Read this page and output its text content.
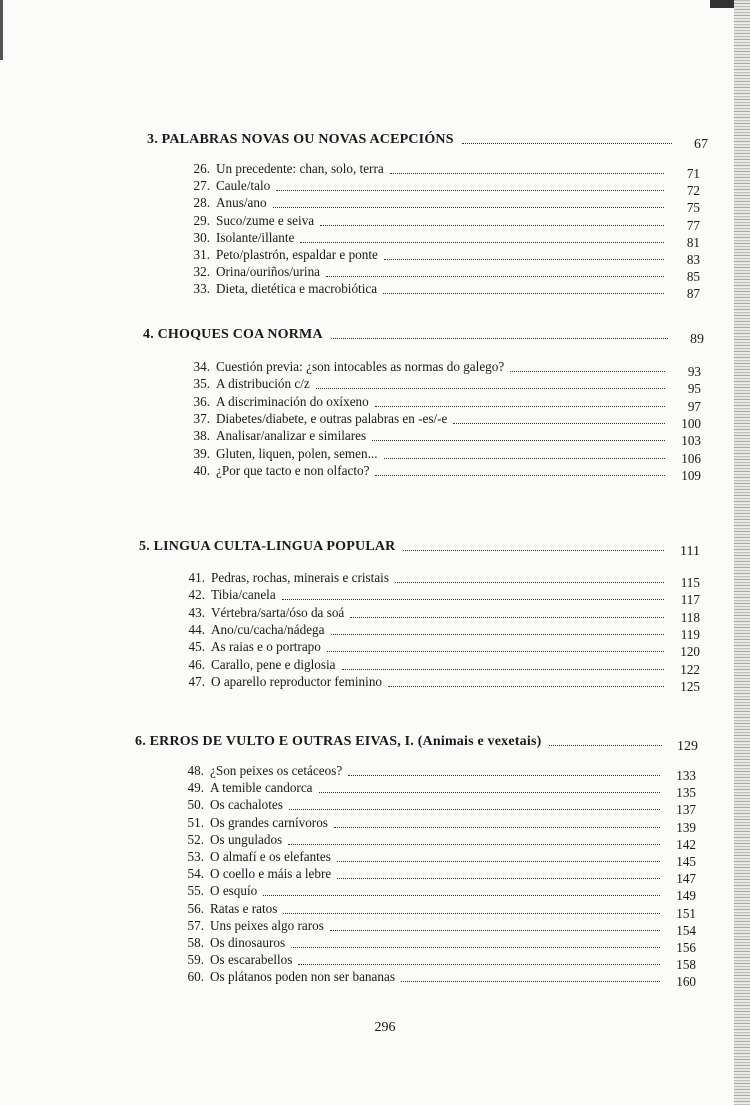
3. PALABRAS NOVAS OU NOVAS ACEPCIÓNS	67
26. Un precedente: chan, solo, terra	71
27. Caule/talo	72
28. Anus/ano	75
29. Suco/zume e seiva	77
30. Isolante/illante	81
31. Peto/plastrón, espaldar e ponte	83
32. Orina/ouriños/urina	85
33. Dieta, dietética e macrobiótica	87
4. CHOQUES COA NORMA	89
34. Cuestión previa: ¿son intocables as normas do galego?	93
35. A distribución c/z	95
36. A discriminación do oxíxeno	97
37. Diabetes/diabete, e outras palabras en -es/-e	100
38. Analisar/analizar e similares	103
39. Gluten, liquen, polen, semen...	106
40. ¿Por que tacto e non olfacto?	109
5. LINGUA CULTA-LINGUA POPULAR	111
41. Pedras, rochas, minerais e cristais	115
42. Tibia/canela	117
43. Vértebra/sarta/óso da soá	118
44. Ano/cu/cacha/nádega	119
45. As raias e o portrapo	120
46. Carallo, pene e diglosia	122
47. O aparello reproductor feminino	125
6. ERROS DE VULTO E OUTRAS EIVAS, I. (Animais e vexetais)	129
48. ¿Son peixes os cetáceos?	133
49. A temible candorca	135
50. Os cachalotes	137
51. Os grandes carnívoros	139
52. Os ungulados	142
53. O almafí e os elefantes	145
54. O coello e máis a lebre	147
55. O esquío	149
56. Ratas e ratos	151
57. Uns peixes algo raros	154
58. Os dinosauros	156
59. Os escarabellos	158
60. Os plátanos poden non ser bananas	160
296
